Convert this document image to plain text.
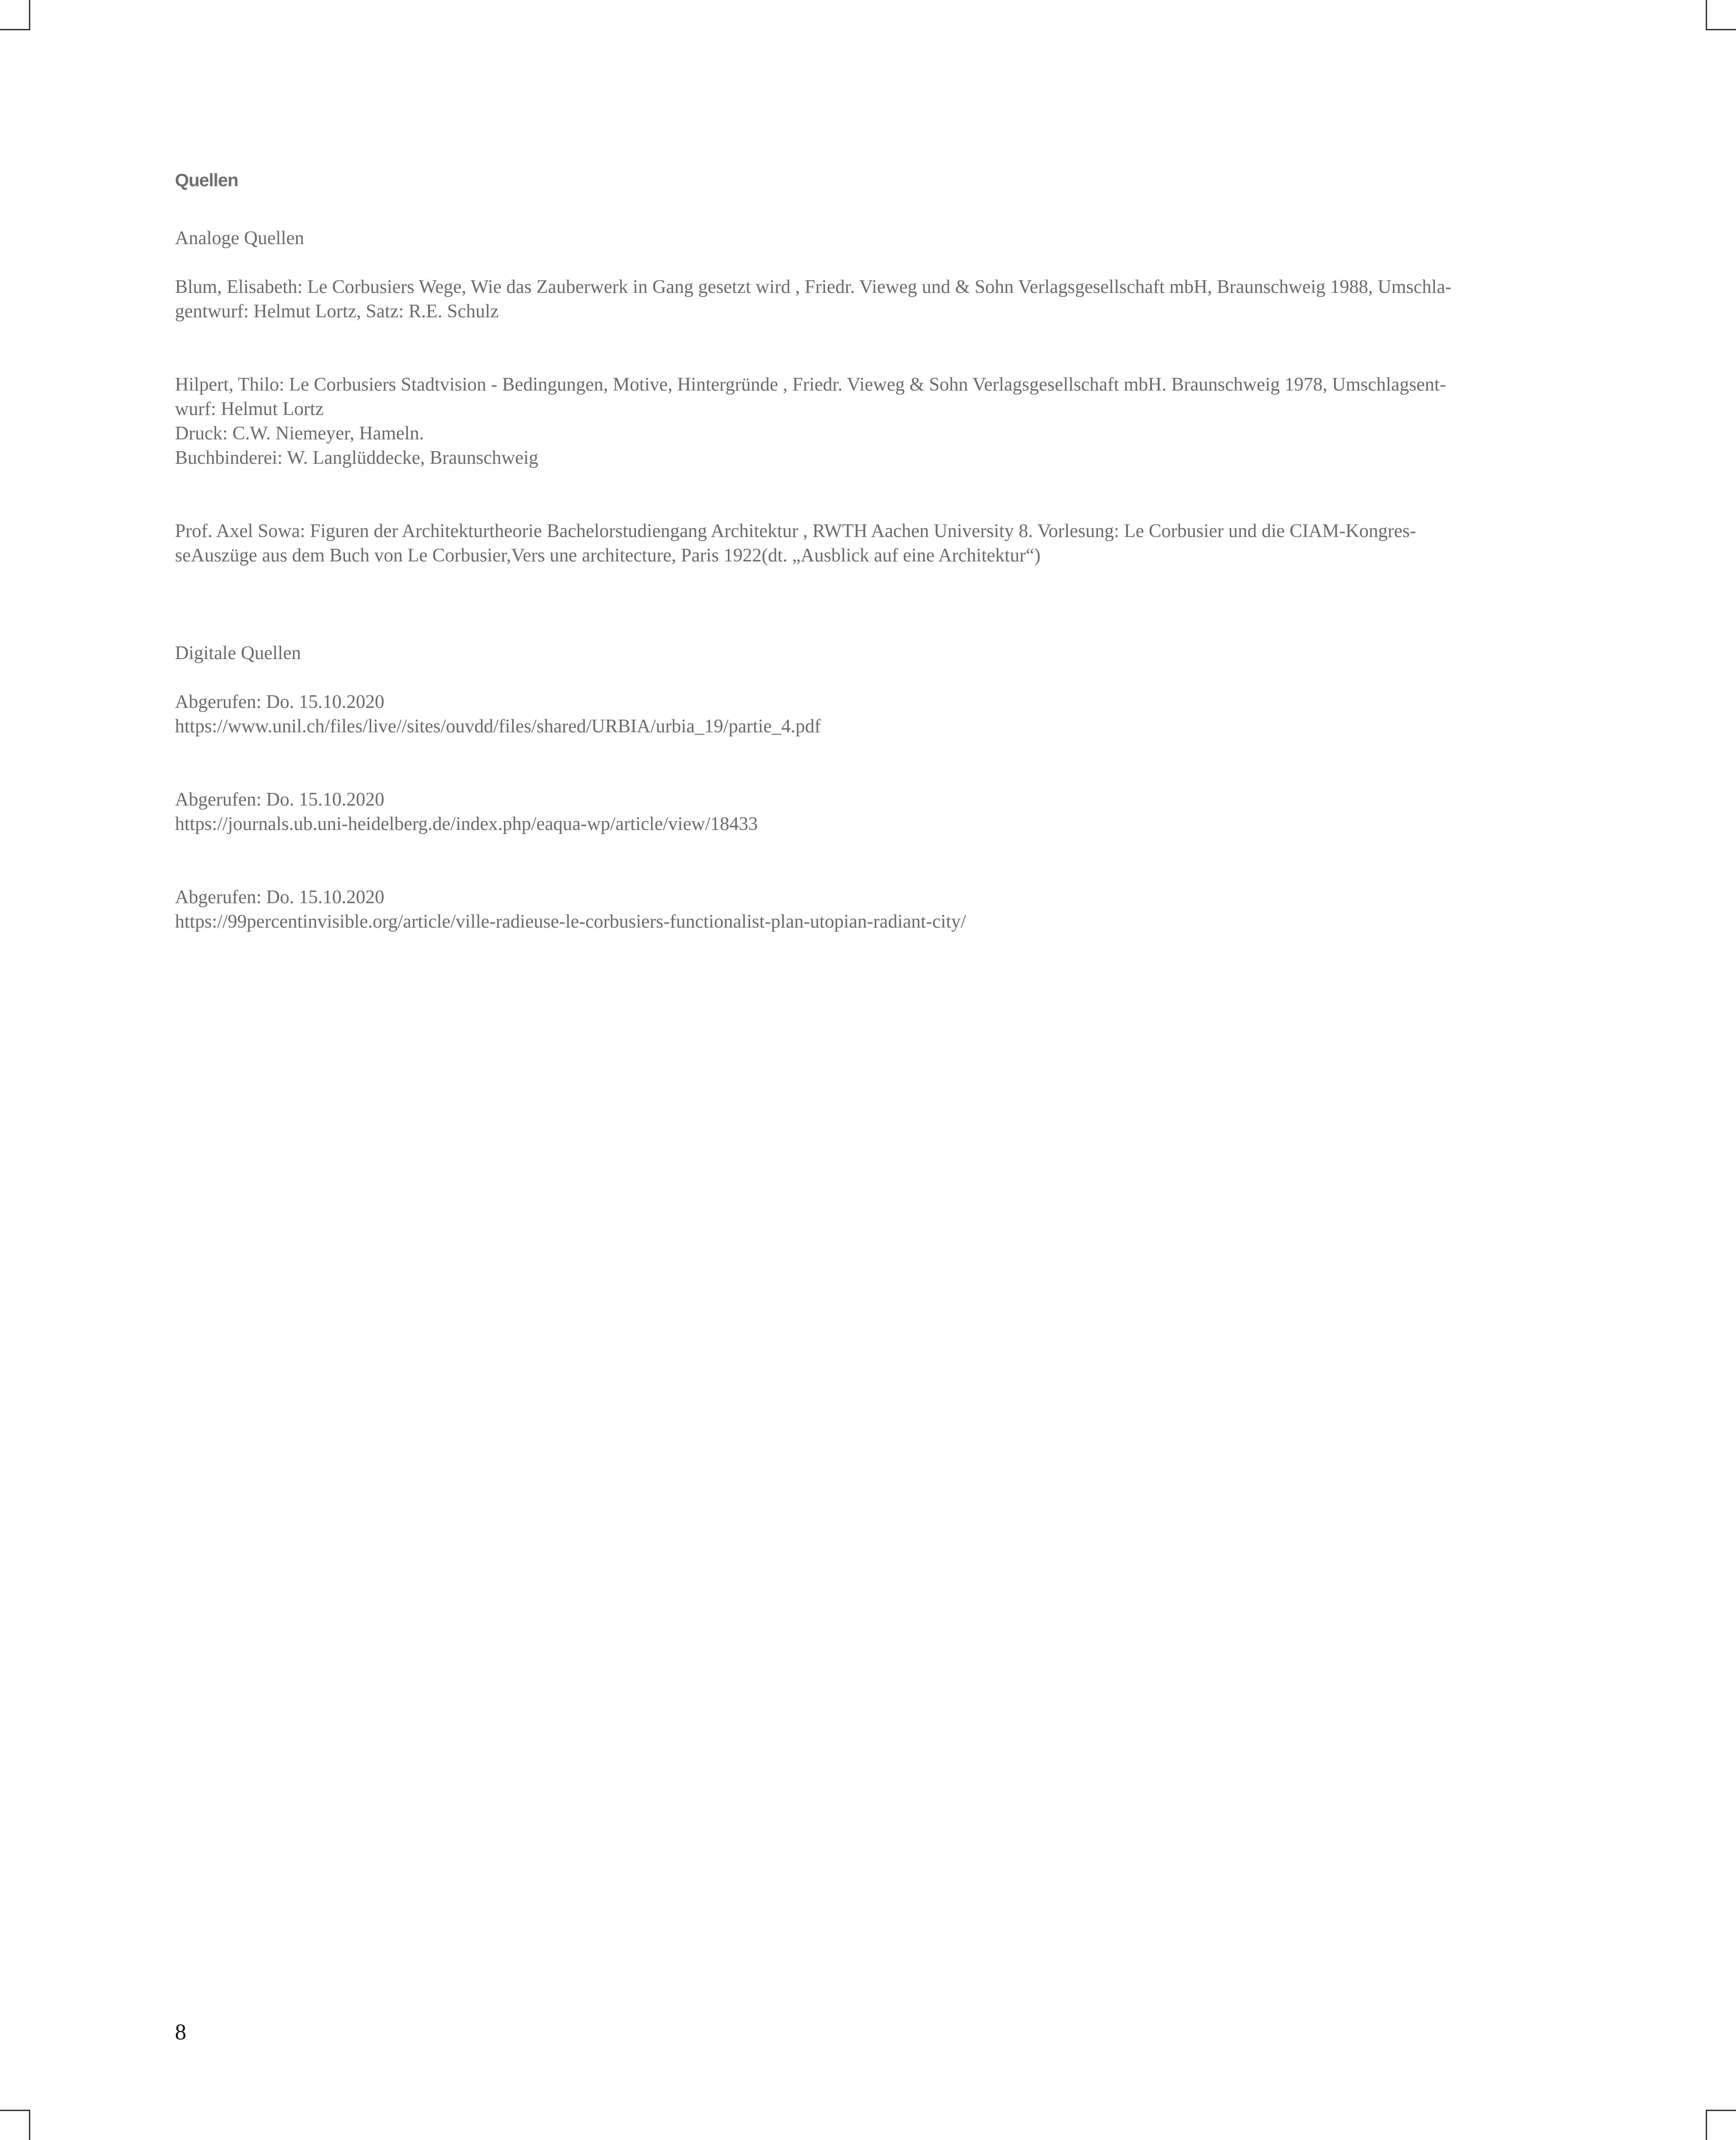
Quellen
Analoge Quellen

Blum, Elisabeth: Le Corbusiers Wege, Wie das Zauberwerk in Gang gesetzt wird , Friedr. Vieweg und & Sohn Verlagsgesellschaft mbH, Braunschweig 1988, Umschla-

gentwurf: Helmut Lortz, Satz: R.E. Schulz

Hilpert, Thilo: Le Corbusiers Stadtvision - Bedingungen, Motive, Hintergründe , Friedr. Vieweg & Sohn Verlagsgesellschaft mbH. Braunschweig 1978, Umschlagsent-

wurf: Helmut Lortz

Druck: C.W. Niemeyer, Hameln.

Buchbinderei: W. Langlüddecke, Braunschweig

Prof. Axel Sowa: Figuren der Architekturtheorie Bachelorstudiengang Architektur , RWTH Aachen University 8. Vorlesung: Le Corbusier und die CIAM-Kongres-

seAuszüge aus dem Buch von Le Corbusier,Vers une architecture, Paris 1922(dt. „Ausblick auf eine Architektur“)

Digitale Quellen

Abgerufen: Do. 15.10.2020

https://www.unil.ch/files/live//sites/ouvdd/files/shared/URBIA/urbia_19/partie_4.pdf

Abgerufen: Do. 15.10.2020

https://journals.ub.uni‐heidelberg.de/index.php/eaqua‐wp/article/view/18433

Abgerufen: Do. 15.10.2020

https://99percentinvisible.org/article/ville‐radieuse‐le‐corbusiers‐functionalist‐plan‐utopian‐radiant‐city/

8
